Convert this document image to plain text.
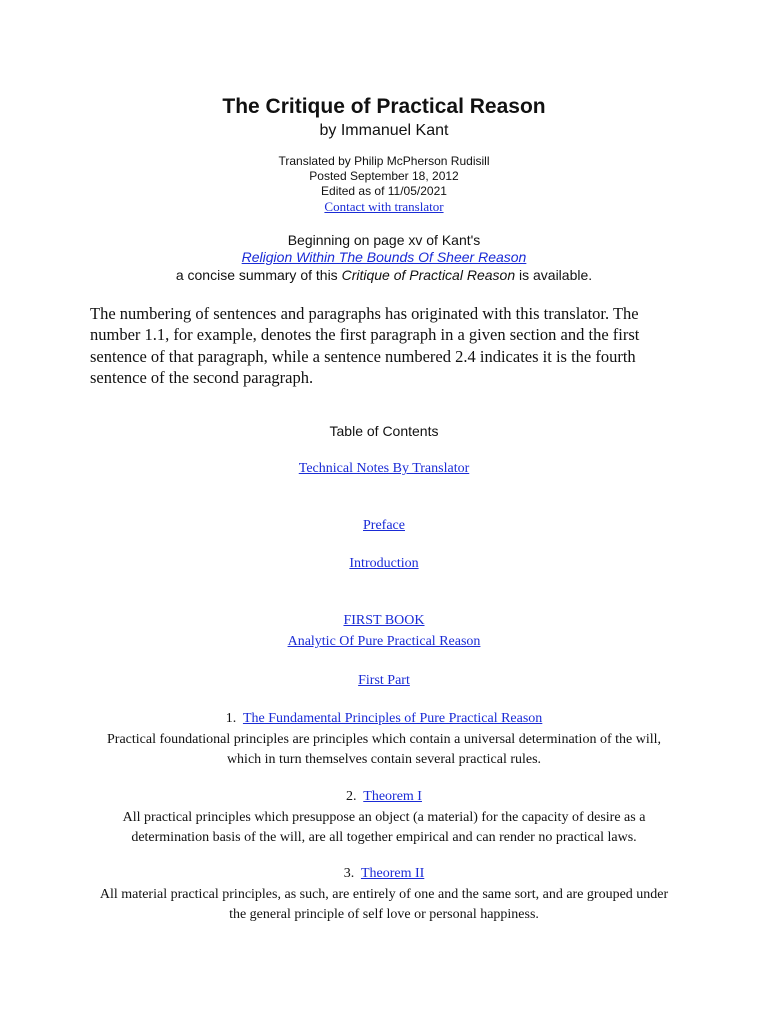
The Critique of Practical Reason
by Immanuel Kant
Translated by Philip McPherson Rudisill
Posted September 18, 2012
Edited as of 11/05/2021
Contact with translator
Beginning on page xv of Kant's
Religion Within The Bounds Of Sheer Reason
a concise summary of this Critique of Practical Reason is available.
The numbering of sentences and paragraphs has originated with this translator. The number 1.1, for example, denotes the first paragraph in a given section and the first sentence of that paragraph, while a sentence numbered 2.4 indicates it is the fourth sentence of the second paragraph.
Table of Contents
Technical Notes By Translator
Preface
Introduction
FIRST BOOK
Analytic Of Pure Practical Reason
First Part
1. The Fundamental Principles of Pure Practical Reason
Practical foundational principles are principles which contain a universal determination of the will, which in turn themselves contain several practical rules.
2. Theorem I
All practical principles which presuppose an object (a material) for the capacity of desire as a determination basis of the will, are all together empirical and can render no practical laws.
3. Theorem II
All material practical principles, as such, are entirely of one and the same sort, and are grouped under the general principle of self love or personal happiness.
